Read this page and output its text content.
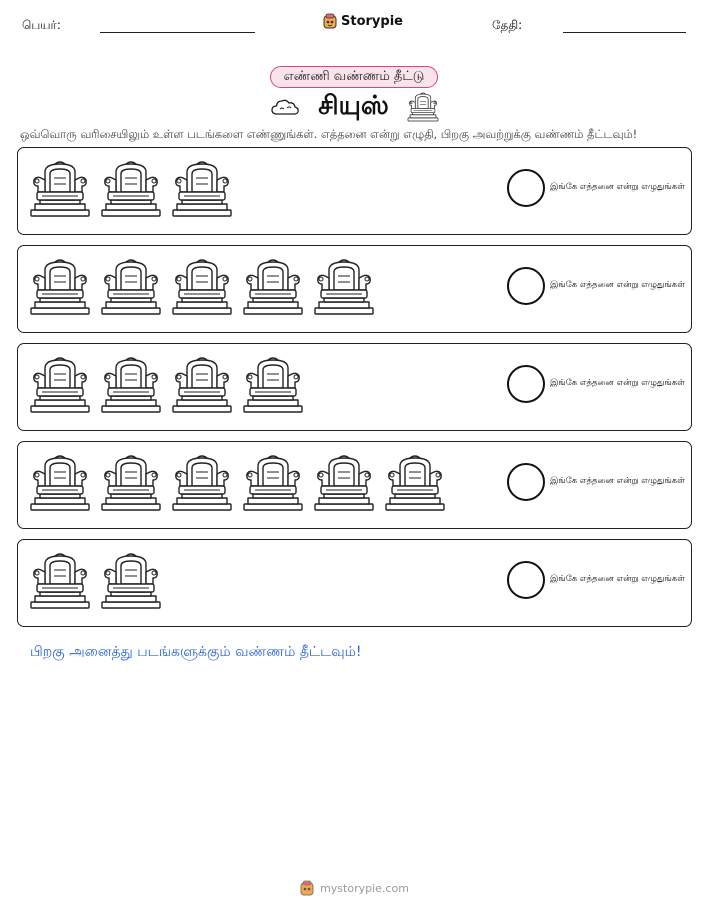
பெயர்:	Storypie	தேதி:
எண்ணி வண்ணம் தீட்டு
சியுஸ்
ஒவ்வொரு வரிசையிலும் உள்ள படங்களை எண்ணுங்கள். எத்தனை என்று எழுதி, பிறகு அவற்றுக்கு வண்ணம் தீட்டவும்!
இங்கே எத்தனை என்று எழுதுங்கள்
இங்கே எத்தனை என்று எழுதுங்கள்
இங்கே எத்தனை என்று எழுதுங்கள்
இங்கே எத்தனை என்று எழுதுங்கள்
இங்கே எத்தனை என்று எழுதுங்கள்
பிறகு அனைத்து படங்களுக்கும் வண்ணம் தீட்டவும்!
mystorypie.com
